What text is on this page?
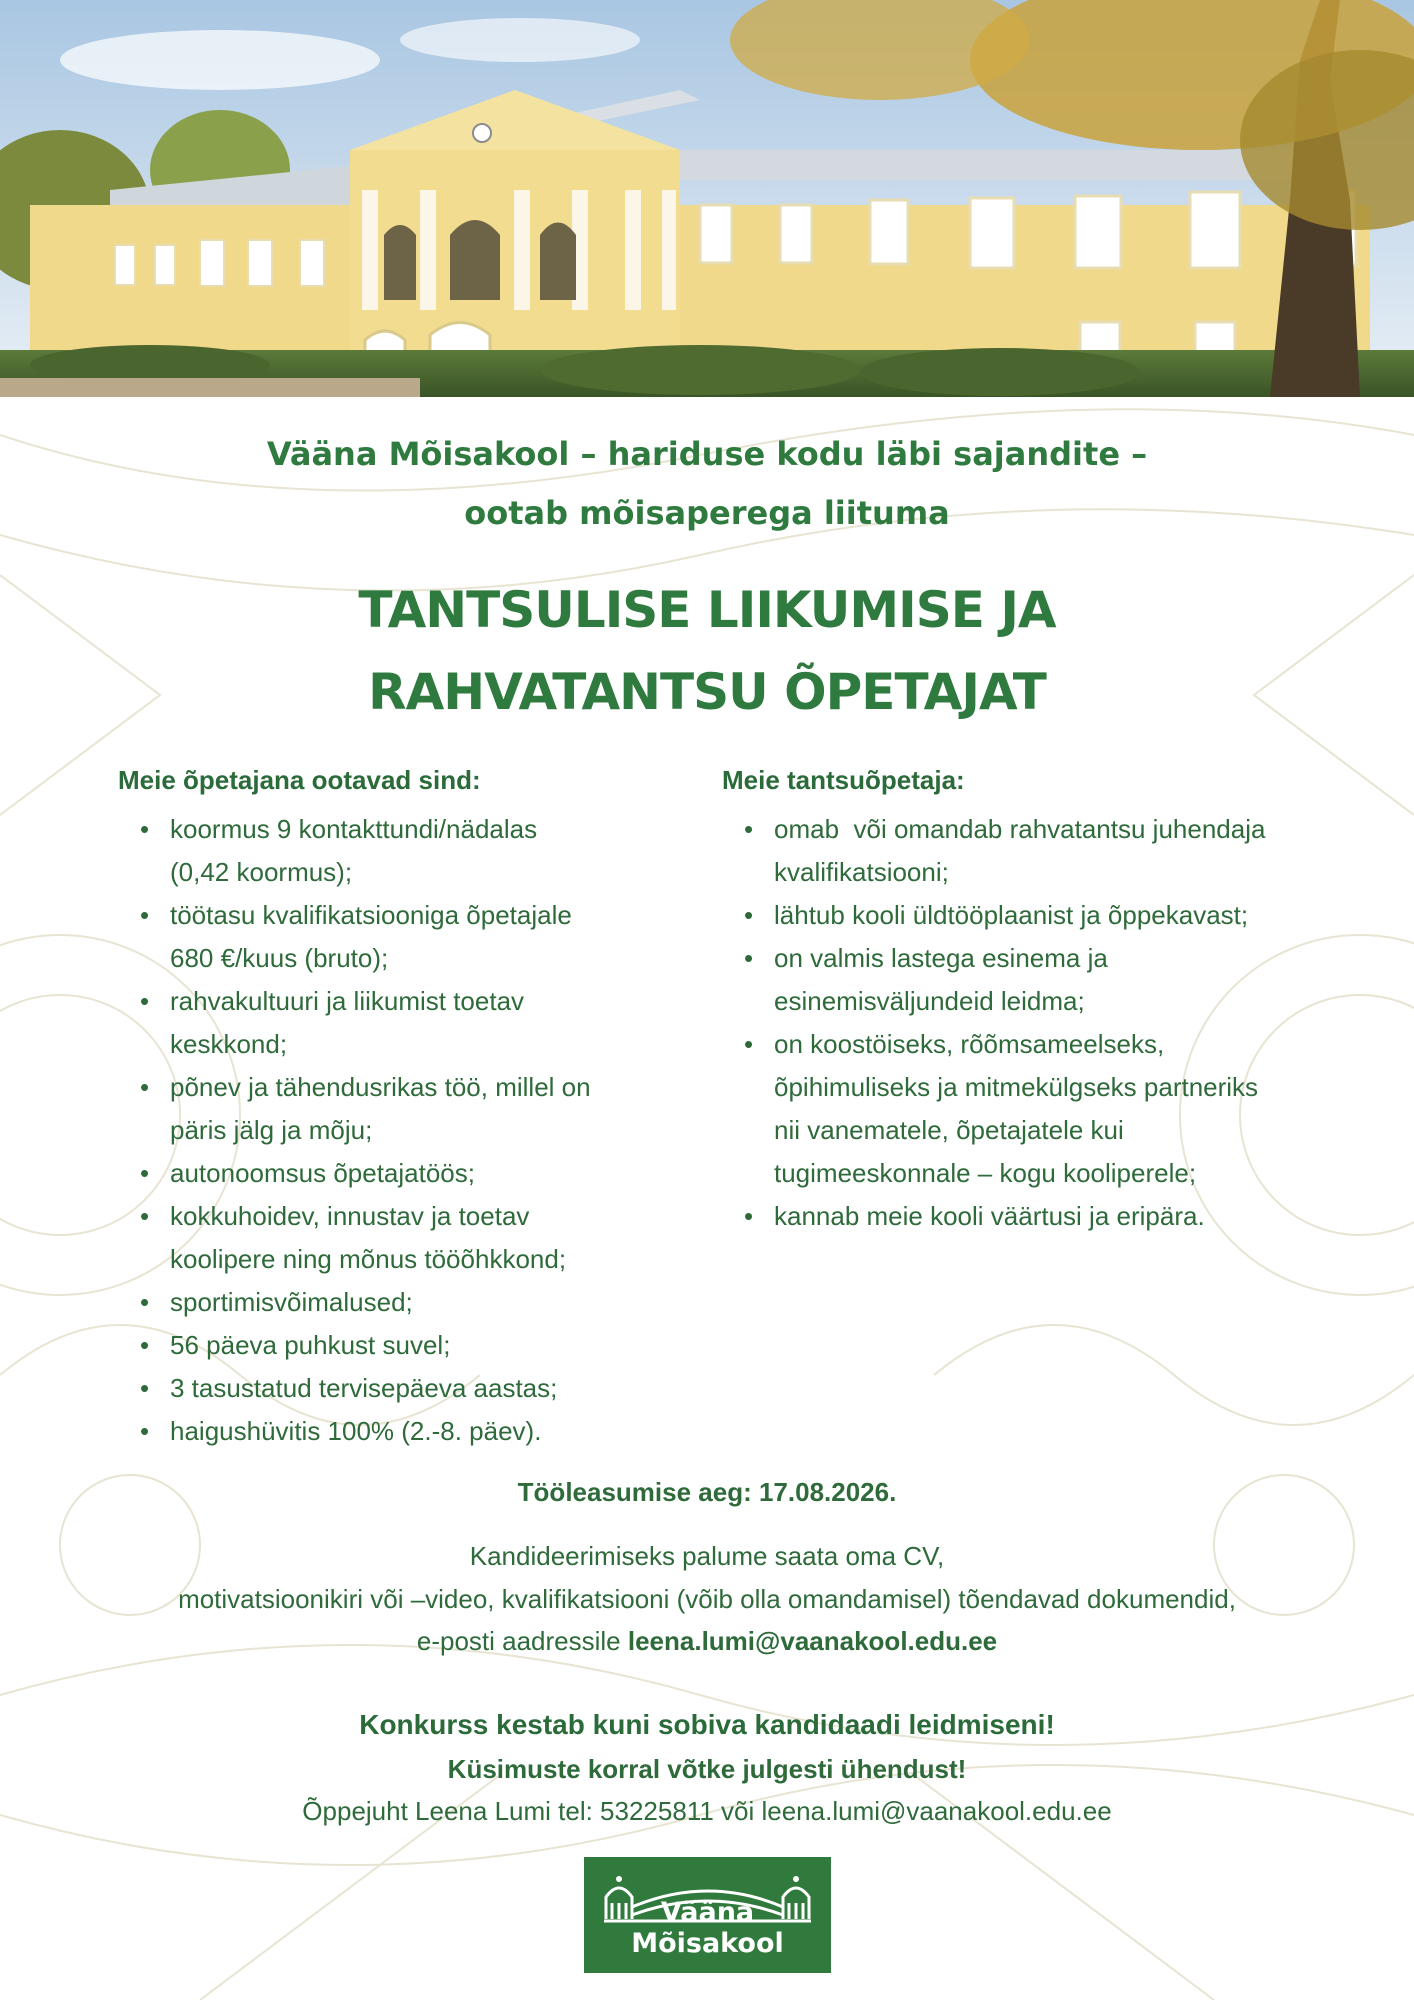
Vääna Mõisakool – hariduse kodu läbi sajandite –
ootab mõisaperega liituma
TANTSULISE LIIKUMISE JA
RAHVATANTSU ÕPETAJAT
Meie õpetajana ootavad sind:
• koormus 9 kontakttundi/nädalas
(0,42 koormus);
• töötasu kvalifikatsiooniga õpetajale
680 €/kuus (bruto);
• rahvakultuuri ja liikumist toetav
keskkond;
• põnev ja tähendusrikas töö, millel on
päris jälg ja mõju;
• autonoomsus õpetajatöös;
• kokkuhoidev, innustav ja toetav
koolipere ning mõnus tööõhkkond;
• sportimisvõimalused;
• 56 päeva puhkust suvel;
• 3 tasustatud tervisepäeva aastas;
• haigushüvitis 100% (2.-8. päev).
Meie tantsuõpetaja:
• omab  või omandab rahvatantsu juhendaja
kvalifikatsiooni;
• lähtub kooli üldtööplaanist ja õppekavast;
• on valmis lastega esinema ja
esinemisväljundeid leidma;
• on koostöiseks, rõõmsameelseks,
õpihimuliseks ja mitmekülgseks partneriks
nii vanematele, õpetajatele kui
tugimeeskonnale – kogu kooliperele;
• kannab meie kooli väärtusi ja eripära.
Tööleasumise aeg: 17.08.2026.
Kandideerimiseks palume saata oma CV,
motivatsioonikiri või –video, kvalifikatsiooni (võib olla omandamisel) tõendavad dokumendid,
e-posti aadressile leena.lumi@vaanakool.edu.ee
Konkurss kestab kuni sobiva kandidaadi leidmiseni!
Küsimuste korral võtke julgesti ühendust!
Õppejuht Leena Lumi tel: 53225811 või leena.lumi@vaanakool.edu.ee
Vääna Mõisakool
